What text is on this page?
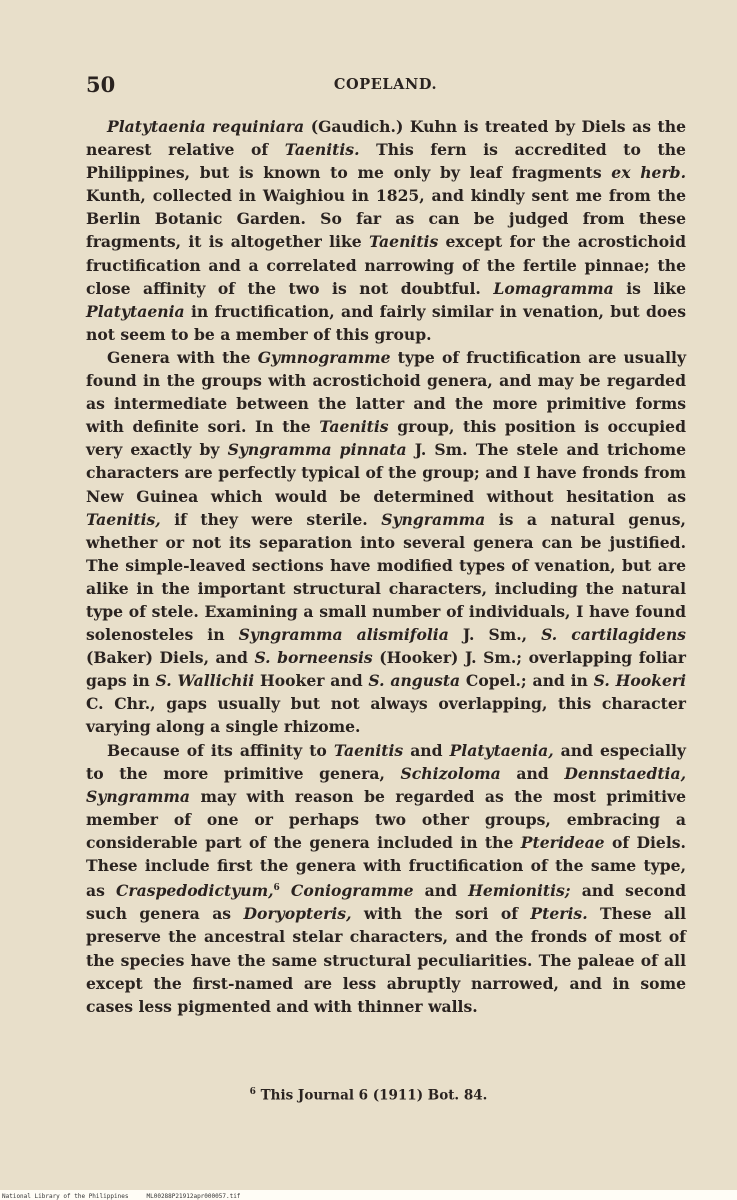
50	COPELAND.

Platytaenia requiniara (Gaudich.) Kuhn is treated by Diels as the nearest relative of Taenitis. This fern is accredited to the Philippines, but is known to me only by leaf fragments ex herb. Kunth, collected in Waighiou in 1825, and kindly sent me from the Berlin Botanic Garden. So far as can be judged from these fragments, it is altogether like Taenitis except for the acrostichoid fructification and a correlated narrowing of the fertile pinnae; the close affinity of the two is not doubtful. Lomagramma is like Platytaenia in fructification, and fairly similar in venation, but does not seem to be a member of this group.

Genera with the Gymnogramme type of fructification are usually found in the groups with acrostichoid genera, and may be regarded as intermediate between the latter and the more primitive forms with definite sori. In the Taenitis group, this position is occupied very exactly by Syngramma pinnata J. Sm. The stele and trichome characters are perfectly typical of the group; and I have fronds from New Guinea which would be determined without hesitation as Taenitis, if they were sterile. Syngramma is a natural genus, whether or not its separation into several genera can be justified. The simple-leaved sections have modified types of venation, but are alike in the important structural characters, including the natural type of stele. Examining a small number of individuals, I have found solenosteles in Syngramma alismifolia J. Sm., S. cartilagidens (Baker) Diels, and S. borneensis (Hooker) J. Sm.; overlapping foliar gaps in S. Wallichii Hooker and S. angusta Copel.; and in S. Hookeri C. Chr., gaps usually but not always overlapping, this character varying along a single rhizome.

Because of its affinity to Taenitis and Platytaenia, and especially to the more primitive genera, Schizoloma and Dennstaedtia, Syngramma may with reason be regarded as the most primitive member of one or perhaps two other groups, embracing a considerable part of the genera included in the Pterideae of Diels. These include first the genera with fructification of the same type, as Craspedodictyum,$^6$ Coniogramme and Hemionitis; and second such genera as Doryopteris, with the sori of Pteris. These all preserve the ancestral stelar characters, and the fronds of most of the species have the same structural peculiarities. The paleae of all except the first-named are less abruptly narrowed, and in some cases less pigmented and with thinner walls.

$^6$ This Journal 6 (1911) Bot. 84.
National Library of the Philippines     ML00288P21912apr000057.tif
